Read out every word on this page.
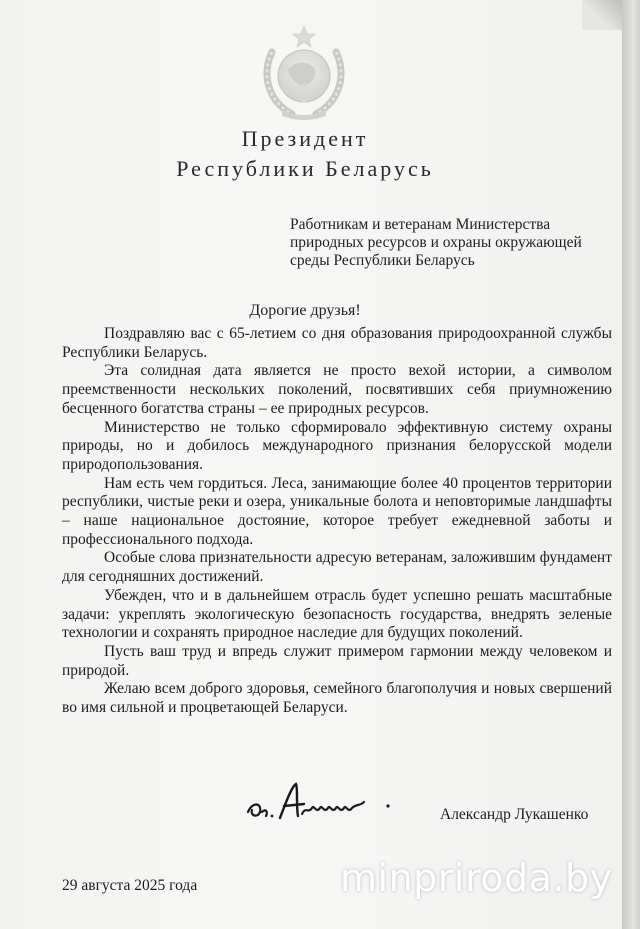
Президент
Республики Беларусь
Работникам и ветеранам Министерства
природных ресурсов и охраны окружающей
среды Республики Беларусь
Дорогие друзья!

Поздравляю вас с 65-летием со дня образования природоохранной службы Республики Беларусь.

Эта солидная дата является не просто вехой истории, а символом преемственности нескольких поколений, посвятивших себя приумножению бесценного богатства страны – ее природных ресурсов.

Министерство не только сформировало эффективную систему охраны природы, но и добилось международного признания белорусской модели природопользования.

Нам есть чем гордиться. Леса, занимающие более 40 процентов территории республики, чистые реки и озера, уникальные болота и неповторимые ландшафты – наше национальное достояние, которое требует ежедневной заботы и профессионального подхода.

Особые слова признательности адресую ветеранам, заложившим фундамент для сегодняшних достижений.

Убежден, что и в дальнейшем отрасль будет успешно решать масштабные задачи: укреплять экологическую безопасность государства, внедрять зеленые технологии и сохранять природное наследие для будущих поколений.

Пусть ваш труд и впредь служит примером гармонии между человеком и природой.

Желаю всем доброго здоровья, семейного благополучия и новых свершений во имя сильной и процветающей Беларуси.

Александр Лукашенко
29 августа 2025 года	minpriroda.by
